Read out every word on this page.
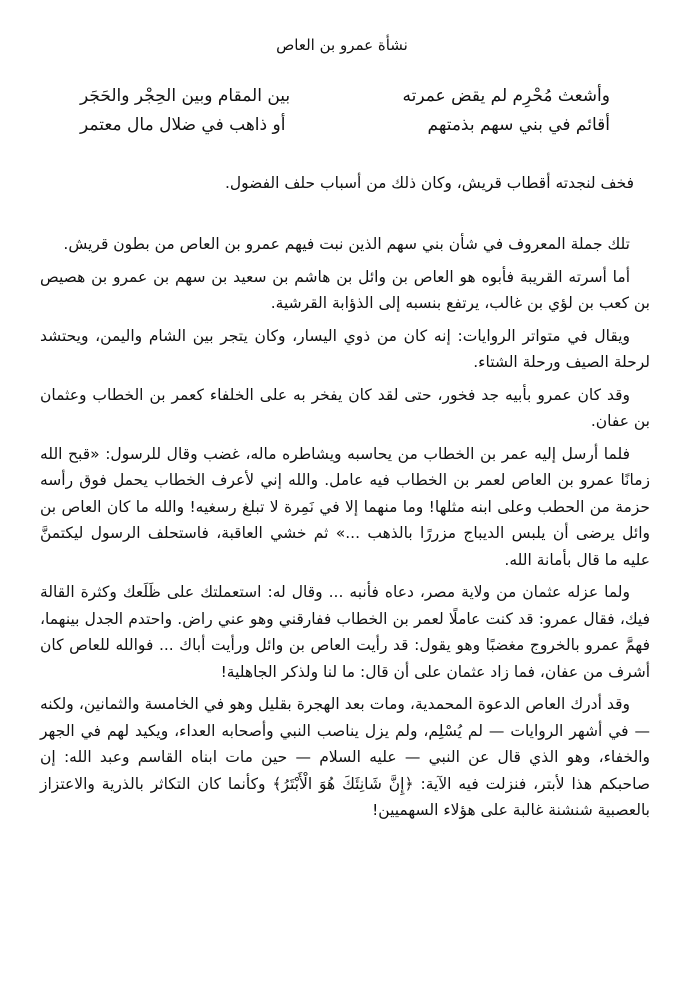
نشأة عمرو بن العاص
وأشعث مُحْرِم لم يقض عمرته
بين المقام وبين الحِجْر والحَجَر
أقائم في بني سهم بذمتهم
أو ذاهب في ضلال مال معتمر

فخف لنجدته أقطاب قريش، وكان ذلك من أسباب حلف الفضول.

تلك جملة المعروف في شأن بني سهم الذين نبت فيهم عمرو بن العاص من بطون قريش.

أما أسرته القريبة فأبوه هو العاص بن وائل بن هاشم بن سعيد بن سهم بن عمرو بن هصيص بن كعب بن لؤي بن غالب، يرتفع بنسبه إلى الذؤابة القرشية.

ويقال في متواتر الروايات: إنه كان من ذوي اليسار، وكان يتجر بين الشام واليمن، ويحتشد لرحلة الصيف ورحلة الشتاء.

وقد كان عمرو بأبيه جد فخور، حتى لقد كان يفخر به على الخلفاء كعمر بن الخطاب وعثمان بن عفان.

فلما أرسل إليه عمر بن الخطاب من يحاسبه ويشاطره ماله، غضب وقال للرسول: «قبح الله زمانًا عمرو بن العاص لعمر بن الخطاب فيه عامل. والله إني لأعرف الخطاب يحمل فوق رأسه حزمة من الحطب وعلى ابنه مثلها! وما منهما إلا في نَمِرة لا تبلغ رسغيه! والله ما كان العاص بن وائل يرضى أن يلبس الديباج مزررًا بالذهب ...» ثم خشي العاقبة، فاستحلف الرسول ليكتمنَّ عليه ما قال بأمانة الله.

ولما عزله عثمان من ولاية مصر، دعاه فأنبه ... وقال له: استعملتك على ظَلَعك وكثرة القالة فيك، فقال عمرو: قد كنت عاملًا لعمر بن الخطاب ففارقني وهو عني راض. واحتدم الجدل بينهما، فهمَّ عمرو بالخروج مغضبًا وهو يقول: قد رأيت العاص بن وائل ورأيت أباك ... فوالله للعاص كان أشرف من عفان، فما زاد عثمان على أن قال: ما لنا ولذكر الجاهلية!

وقد أدرك العاص الدعوة المحمدية، ومات بعد الهجرة بقليل وهو في الخامسة والثمانين، ولكنه — في أشهر الروايات — لم يُسْلِم، ولم يزل يناصب النبي وأصحابه العداء، ويكيد لهم في الجهر والخفاء، وهو الذي قال عن النبي — عليه السلام — حين مات ابناه القاسم وعبد الله: إن صاحبكم هذا لأبتر، فنزلت فيه الآية: ﴿إِنَّ شَانِئَكَ هُوَ الْأَبْتَرُ﴾ وكأنما كان التكاثر بالذرية والاعتزاز بالعصبية شنشنة غالبة على هؤلاء السهميين!
